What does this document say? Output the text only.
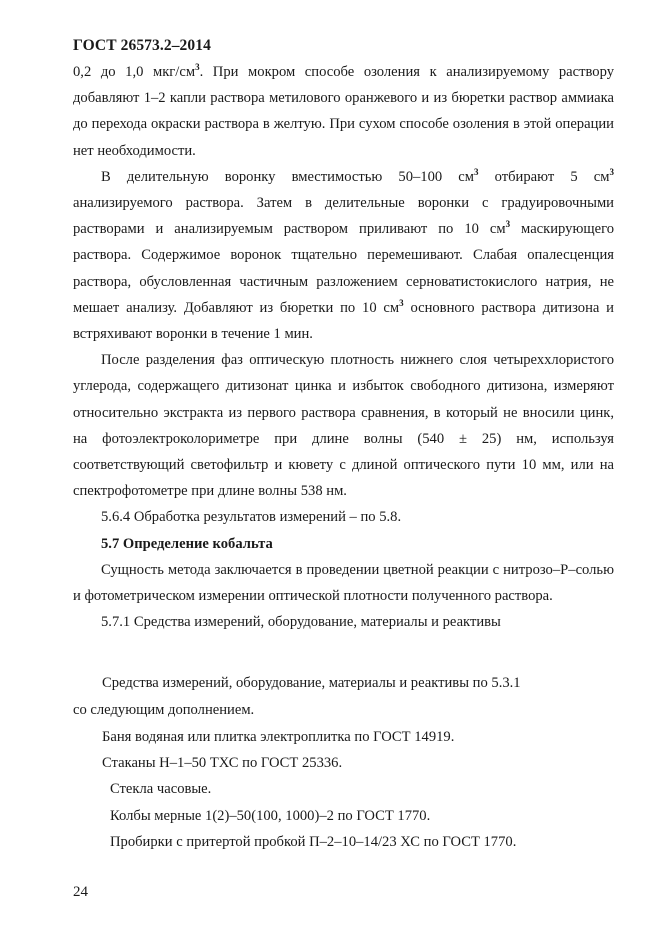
ГОСТ 26573.2–2014

0,2 до 1,0 мкг/$см^3$. При мокром способе озоления к анализируемому раствору добавляют 1–2 капли раствора метилового оранжевого и из бюретки раствор аммиака до перехода окраски раствора в желтую. При сухом способе озоления в этой операции нет необходимости.

В делительную воронку вместимостью 50–100 $см^3$ отбирают 5 $см^3$ анализируемого раствора. Затем в делительные воронки с градуировочными растворами и анализируемым раствором приливают по 10 $см^3$ маскирующего раствора. Содержимое воронок тщательно перемешивают. Слабая опалесценция раствора, обусловленная частичным разложением серноватистокислого натрия, не мешает анализу. Добавляют из бюретки по 10 $см^3$ основного раствора дитизона и встряхивают воронки в течение 1 мин.

После разделения фаз оптическую плотность нижнего слоя четыреххлористого углерода, содержащего дитизонат цинка и избыток свободного дитизона, измеряют относительно экстракта из первого раствора сравнения, в который не вносили цинк, на фотоэлектроколориметре при длине волны (540 ± 25) нм, используя соответствующий светофильтр и кювету с длиной оптического пути 10 мм, или на спектрофотометре при длине волны 538 нм.

5.6.4 Обработка результатов измерений – по 5.8.

5.7 Определение кобальта

Сущность метода заключается в проведении цветной реакции с нитрозо–Р–солью и фотометрическом измерении оптической плотности полученного раствора.

5.7.1 Средства измерений, оборудование, материалы и реактивы

Средства измерений, оборудование, материалы и реактивы по 5.3.1
со следующим дополнением.
Баня водяная или плитка электроплитка по ГОСТ 14919.
Стаканы Н–1–50 ТХС по ГОСТ 25336.
Стекла часовые.
Колбы мерные 1(2)–50(100, 1000)–2 по ГОСТ 1770.
Пробирки с притертой пробкой П–2–10–14/23 ХС по ГОСТ 1770.
24
